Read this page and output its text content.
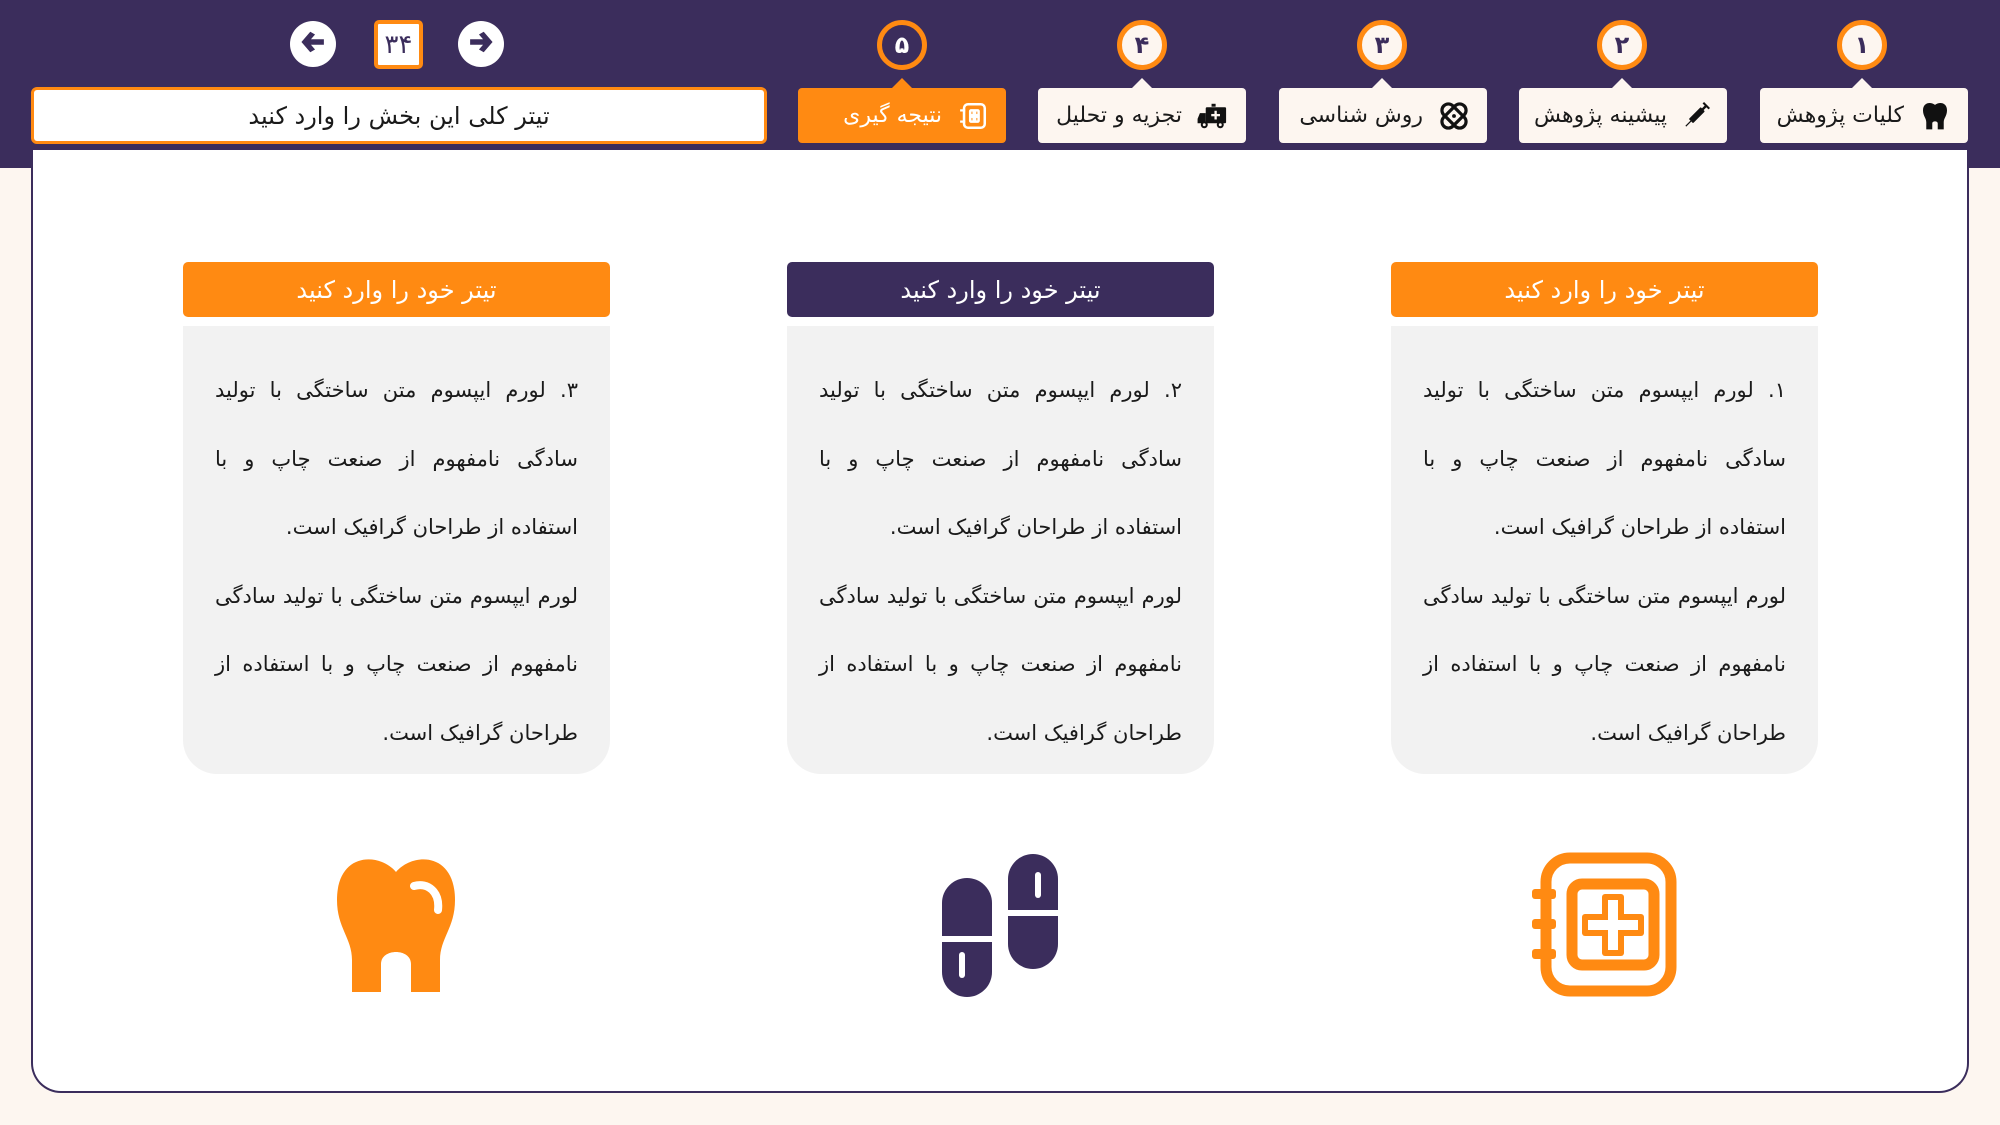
۱
کلیات پژوهش
۲
پیشینه پژوهش
۳
روش شناسی
۴
تجزیه و تحلیل
۵
نتیجه گیری
تیتر کلی این بخش را وارد کنید
۳۴
تیتر خود را وارد کنید

۱. لورم ایپسوم متن ساختگی با تولید سادگی نامفهوم از صنعت چاپ و با استفاده از طراحان گرافیک است.

لورم ایپسوم متن ساختگی با تولید سادگی نامفهوم از صنعت چاپ و با استفاده از طراحان گرافیک است.

تیتر خود را وارد کنید

۲. لورم ایپسوم متن ساختگی با تولید سادگی نامفهوم از صنعت چاپ و با استفاده از طراحان گرافیک است.

لورم ایپسوم متن ساختگی با تولید سادگی نامفهوم از صنعت چاپ و با استفاده از طراحان گرافیک است.

تیتر خود را وارد کنید

۳. لورم ایپسوم متن ساختگی با تولید سادگی نامفهوم از صنعت چاپ و با استفاده از طراحان گرافیک است.

لورم ایپسوم متن ساختگی با تولید سادگی نامفهوم از صنعت چاپ و با استفاده از طراحان گرافیک است.
